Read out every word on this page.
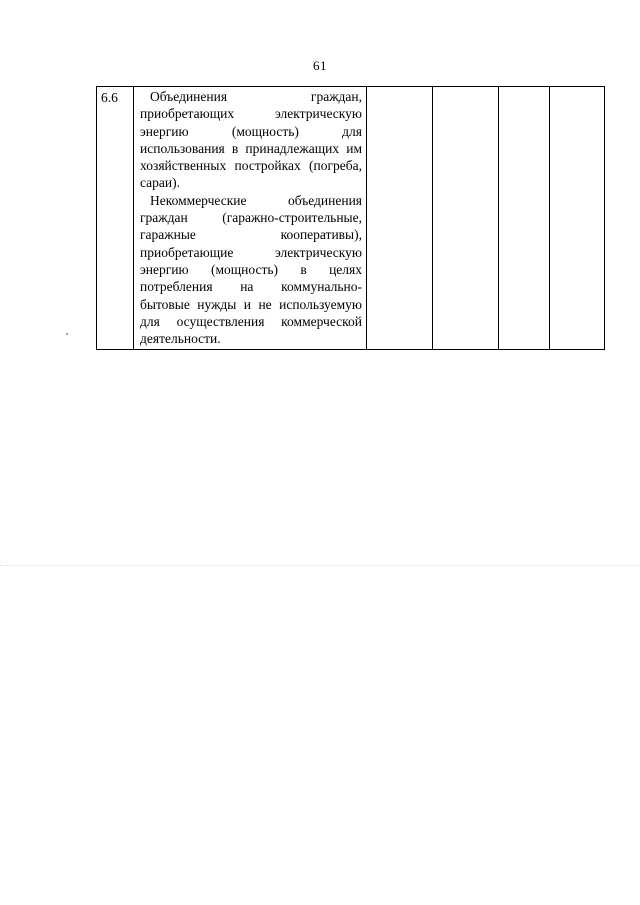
61
6.6	Объединения граждан, приобретающих электрическую энергию (мощность) для использования в принадлежащих им хозяйственных постройках (погреба, сараи).

Некоммерческие объединения граждан (гаражно-строительные, гаражные кооперативы), приобретающие электрическую энергию (мощность) в целях потребления на коммунально-бытовые нужды и не используемую для осуществления коммерческой деятельности.
